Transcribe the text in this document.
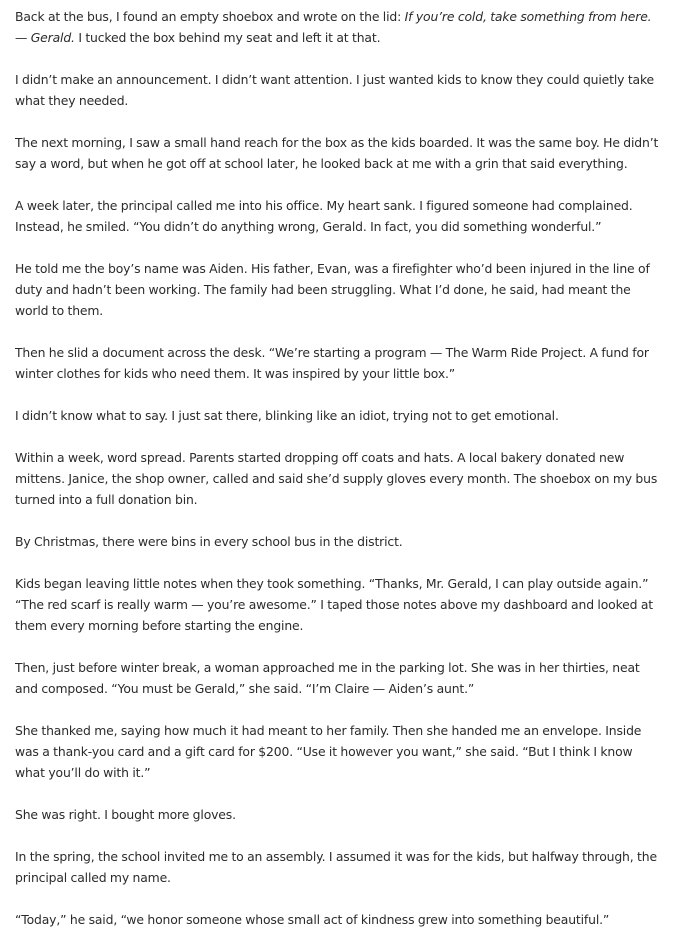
Back at the bus, I found an empty shoebox and wrote on the lid: If you’re cold, take something from here. — Gerald. I tucked the box behind my seat and left it at that.

I didn’t make an announcement. I didn’t want attention. I just wanted kids to know they could quietly take what they needed.

The next morning, I saw a small hand reach for the box as the kids boarded. It was the same boy. He didn’t say a word, but when he got off at school later, he looked back at me with a grin that said everything.

A week later, the principal called me into his office. My heart sank. I figured someone had complained. Instead, he smiled. “You didn’t do anything wrong, Gerald. In fact, you did something wonderful.”

He told me the boy’s name was Aiden. His father, Evan, was a firefighter who’d been injured in the line of duty and hadn’t been working. The family had been struggling. What I’d done, he said, had meant the world to them.

Then he slid a document across the desk. “We’re starting a program — The Warm Ride Project. A fund for winter clothes for kids who need them. It was inspired by your little box.”

I didn’t know what to say. I just sat there, blinking like an idiot, trying not to get emotional.

Within a week, word spread. Parents started dropping off coats and hats. A local bakery donated new mittens. Janice, the shop owner, called and said she’d supply gloves every month. The shoebox on my bus turned into a full donation bin.

By Christmas, there were bins in every school bus in the district.

Kids began leaving little notes when they took something. “Thanks, Mr. Gerald, I can play outside again.” “The red scarf is really warm — you’re awesome.” I taped those notes above my dashboard and looked at them every morning before starting the engine.

Then, just before winter break, a woman approached me in the parking lot. She was in her thirties, neat and composed. “You must be Gerald,” she said. “I’m Claire — Aiden’s aunt.”

She thanked me, saying how much it had meant to her family. Then she handed me an envelope. Inside was a thank-you card and a gift card for $200. “Use it however you want,” she said. “But I think I know what you’ll do with it.”

She was right. I bought more gloves.

In the spring, the school invited me to an assembly. I assumed it was for the kids, but halfway through, the principal called my name.

“Today,” he said, “we honor someone whose small act of kindness grew into something beautiful.”
